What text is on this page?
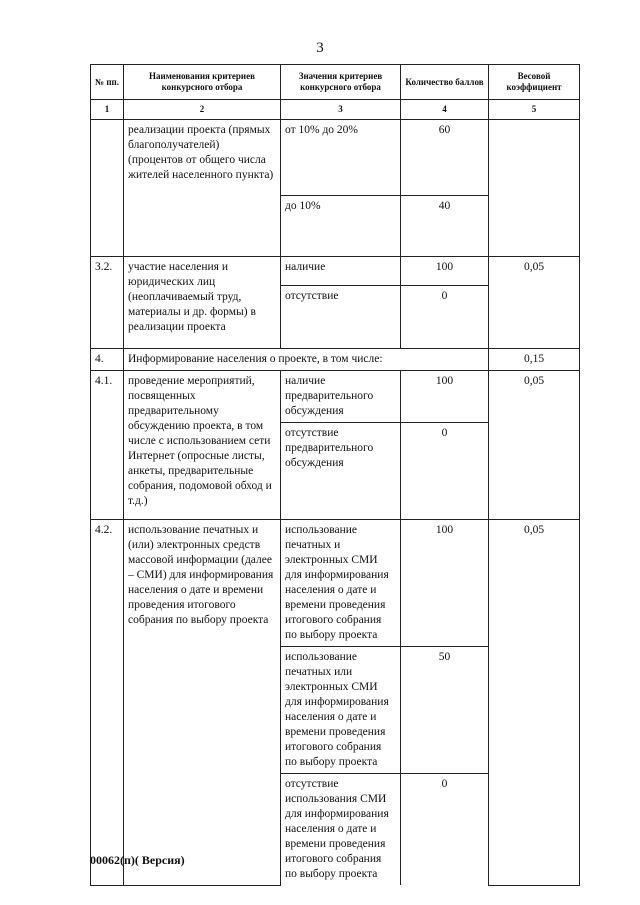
3
№ пп.	Наименования критериев конкурсного отбора	Значения критериев конкурсного отбора	Количество баллов	Весовой коэффициент
1	2	3	4	5
	реализации проекта (прямых благополучателей) (процентов от общего числа жителей населенного пункта)	от 10% до 20%	60	
		до 10%	40	
3.2.	участие населения и юридических лиц (неоплачиваемый труд, материалы и др. формы) в реализации проекта	наличие	100	0,05
		отсутствие	0	
4.	Информирование населения о проекте, в том числе:			0,15
4.1.	проведение мероприятий, посвященных предварительному обсуждению проекта, в том числе с использованием сети Интернет (опросные листы, анкеты, предварительные собрания, подомовой обход и т.д.)	наличие предварительного обсуждения	100	0,05
		отсутствие предварительного обсуждения	0	
4.2.	использование печатных и (или) электронных средств массовой информации (далее – СМИ) для информирования населения о дате и времени проведения итогового собрания по выбору проекта	использование печатных и электронных СМИ для информирования населения о дате и времени проведения итогового собрания по выбору проекта	100	0,05
		использование печатных или электронных СМИ для информирования населения о дате и времени проведения итогового собрания по выбору проекта	50	
		отсутствие использования СМИ для информирования населения о дате и времени проведения итогового собрания по выбору проекта	0	
00062(п)( Версия)
